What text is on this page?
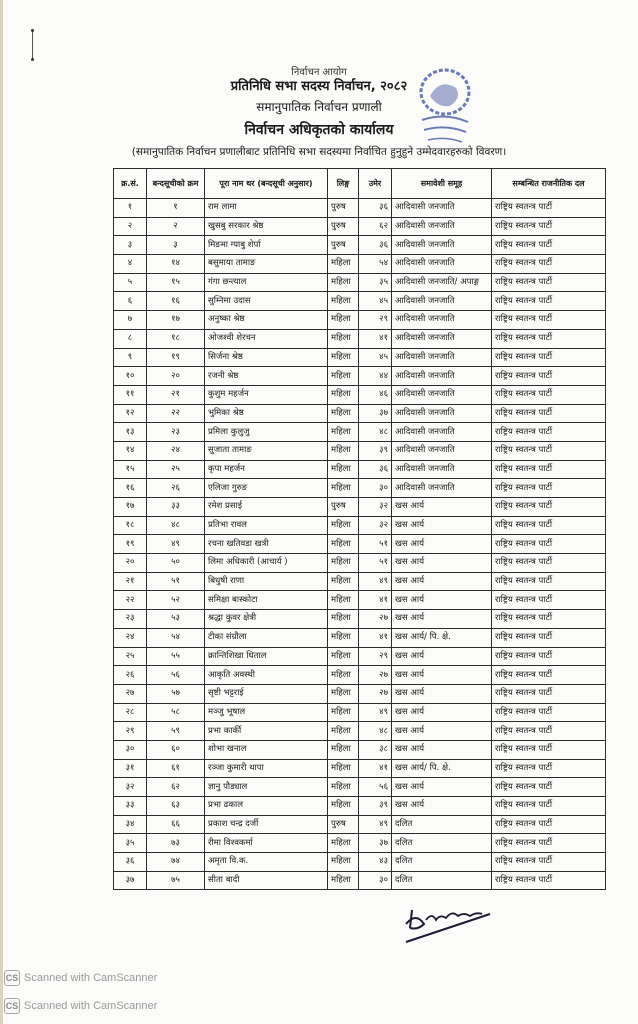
निर्वाचन आयोग
प्रतिनिधि सभा सदस्य निर्वाचन, २०८२
समानुपातिक निर्वाचन प्रणाली
निर्वाचन अधिकृतको कार्यालय
(समानुपातिक निर्वाचन प्रणालीबाट प्रतिनिधि सभा सदस्यमा निर्वाचित हुनुहुने उम्मेदवारहरुको विवरण।
क्र.सं.	बन्दसूचीको क्रम	पूरा नाम थर (बन्दसूची अनुसार)	लिङ्ग	उमेर	समावेशी समूह	सम्बन्धित राजनीतिक दल
१	१	राम लामा	पुरुष	३६	आदिवासी जनजाति	राष्ट्रिय स्वतन्त्र पार्टी
२	२	खुसबु सरकार श्रेष्ठ	पुरुष	६२	आदिवासी जनजाति	राष्ट्रिय स्वतन्त्र पार्टी
३	३	मिङमा ग्याबु शेर्पा	पुरुष	३६	आदिवासी जनजाति	राष्ट्रिय स्वतन्त्र पार्टी
४	१४	बसुमाया तामाङ	महिला	५४	आदिवासी जनजाति	राष्ट्रिय स्वतन्त्र पार्टी
५	१५	गंगा छन्त्याल	महिला	३५	आदिवासी जनजाति/ अपाङ्ग	राष्ट्रिय स्वतन्त्र पार्टी
६	१६	सुम्निमा उदास	महिला	४५	आदिवासी जनजाति	राष्ट्रिय स्वतन्त्र पार्टी
७	१७	अनुष्का श्रेष्ठ	महिला	२९	आदिवासी जनजाति	राष्ट्रिय स्वतन्त्र पार्टी
८	१८	ओजश्वी शेरचन	महिला	४१	आदिवासी जनजाति	राष्ट्रिय स्वतन्त्र पार्टी
९	१९	सिर्जना श्रेष्ठ	महिला	४५	आदिवासी जनजाति	राष्ट्रिय स्वतन्त्र पार्टी
१०	२०	रजनी श्रेष्ठ	महिला	४४	आदिवासी जनजाति	राष्ट्रिय स्वतन्त्र पार्टी
११	२१	कुशुम महर्जन	महिला	४६	आदिवासी जनजाति	राष्ट्रिय स्वतन्त्र पार्टी
१२	२२	भुमिका श्रेष्ठ	महिला	३७	आदिवासी जनजाति	राष्ट्रिय स्वतन्त्र पार्टी
१३	२३	प्रमिला कुलुजु	महिला	४८	आदिवासी जनजाति	राष्ट्रिय स्वतन्त्र पार्टी
१४	२४	सुजाता तामाङ	महिला	३९	आदिवासी जनजाति	राष्ट्रिय स्वतन्त्र पार्टी
१५	२५	कृपा महर्जन	महिला	३६	आदिवासी जनजाति	राष्ट्रिय स्वतन्त्र पार्टी
१६	२६	एलिजा गुरुङ	महिला	३०	आदिवासी जनजाति	राष्ट्रिय स्वतन्त्र पार्टी
१७	३३	रमेश प्रसाई	पुरुष	३२	खस आर्य	राष्ट्रिय स्वतन्त्र पार्टी
१८	४८	प्रतिभा रावल	महिला	३२	खस आर्य	राष्ट्रिय स्वतन्त्र पार्टी
१९	४९	रचना खतिवडा खत्री	महिला	५१	खस आर्य	राष्ट्रिय स्वतन्त्र पार्टी
२०	५०	लिमा अधिकारी (आचार्य )	महिला	५१	खस आर्य	राष्ट्रिय स्वतन्त्र पार्टी
२१	५१	बिधुषी राणा	महिला	४९	खस आर्य	राष्ट्रिय स्वतन्त्र पार्टी
२२	५२	समिक्षा बास्कोटा	महिला	४१	खस आर्य	राष्ट्रिय स्वतन्त्र पार्टी
२३	५३	श्रद्धा कुवर क्षेत्री	महिला	२७	खस आर्य	राष्ट्रिय स्वतन्त्र पार्टी
२४	५४	टीका संग्रौला	महिला	४१	खस आर्य/ पि. क्षे.	राष्ट्रिय स्वतन्त्र पार्टी
२५	५५	क्रान्तिशिखा धिताल	महिला	२९	खस आर्य	राष्ट्रिय स्वतन्त्र पार्टी
२६	५६	आकृति अवस्थी	महिला	२७	खस आर्य	राष्ट्रिय स्वतन्त्र पार्टी
२७	५७	सृष्टी भट्टराई	महिला	२७	खस आर्य	राष्ट्रिय स्वतन्त्र पार्टी
२८	५८	मञ्जु भूषाल	महिला	४९	खस आर्य	राष्ट्रिय स्वतन्त्र पार्टी
२९	५९	प्रभा कार्की	महिला	४८	खस आर्य	राष्ट्रिय स्वतन्त्र पार्टी
३०	६०	शोभा खनाल	महिला	३८	खस आर्य	राष्ट्रिय स्वतन्त्र पार्टी
३१	६१	रञ्जा कुमारी थापा	महिला	४१	खस आर्य/ पि. क्षे.	राष्ट्रिय स्वतन्त्र पार्टी
३२	६२	ज्ञानु पौड्याल	महिला	५६	खस आर्य	राष्ट्रिय स्वतन्त्र पार्टी
३३	६३	प्रभा ढकाल	महिला	३९	खस आर्य	राष्ट्रिय स्वतन्त्र पार्टी
३४	६६	प्रकाश चन्द्र दर्जी	पुरुष	४९	दलित	राष्ट्रिय स्वतन्त्र पार्टी
३५	७३	रीमा विश्वकर्मा	महिला	३७	दलित	राष्ट्रिय स्वतन्त्र पार्टी
३६	७४	अमृता वि.क.	महिला	४३	दलित	राष्ट्रिय स्वतन्त्र पार्टी
३७	७५	सीता बादी	महिला	३०	दलित	राष्ट्रिय स्वतन्त्र पार्टी
CS Scanned with CamScanner
CS Scanned with CamScanner
